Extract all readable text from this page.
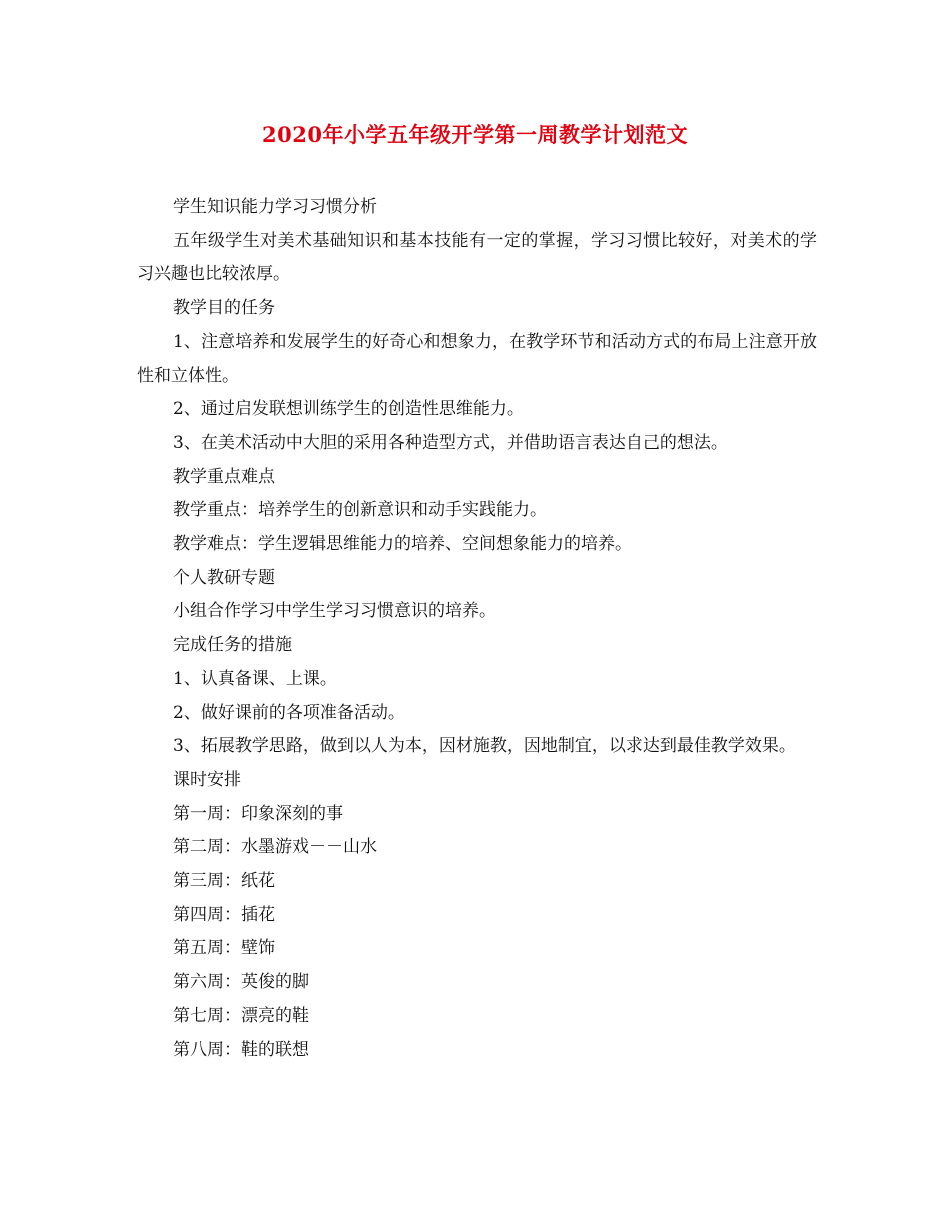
2020年小学五年级开学第一周教学计划范文

学生知识能力学习习惯分析

五年级学生对美术基础知识和基本技能有一定的掌握，学习习惯比较好，对美术的学习兴趣也比较浓厚。

教学目的任务

1、注意培养和发展学生的好奇心和想象力，在教学环节和活动方式的布局上注意开放性和立体性。

2、通过启发联想训练学生的创造性思维能力。

3、在美术活动中大胆的采用各种造型方式，并借助语言表达自己的想法。

教学重点难点

教学重点：培养学生的创新意识和动手实践能力。

教学难点：学生逻辑思维能力的培养、空间想象能力的培养。

个人教研专题

小组合作学习中学生学习习惯意识的培养。

完成任务的措施

1、认真备课、上课。

2、做好课前的各项准备活动。

3、拓展教学思路，做到以人为本，因材施教，因地制宜，以求达到最佳教学效果。

课时安排

第一周：印象深刻的事

第二周：水墨游戏－－山水

第三周：纸花

第四周：插花

第五周：壁饰

第六周：英俊的脚

第七周：漂亮的鞋

第八周：鞋的联想
